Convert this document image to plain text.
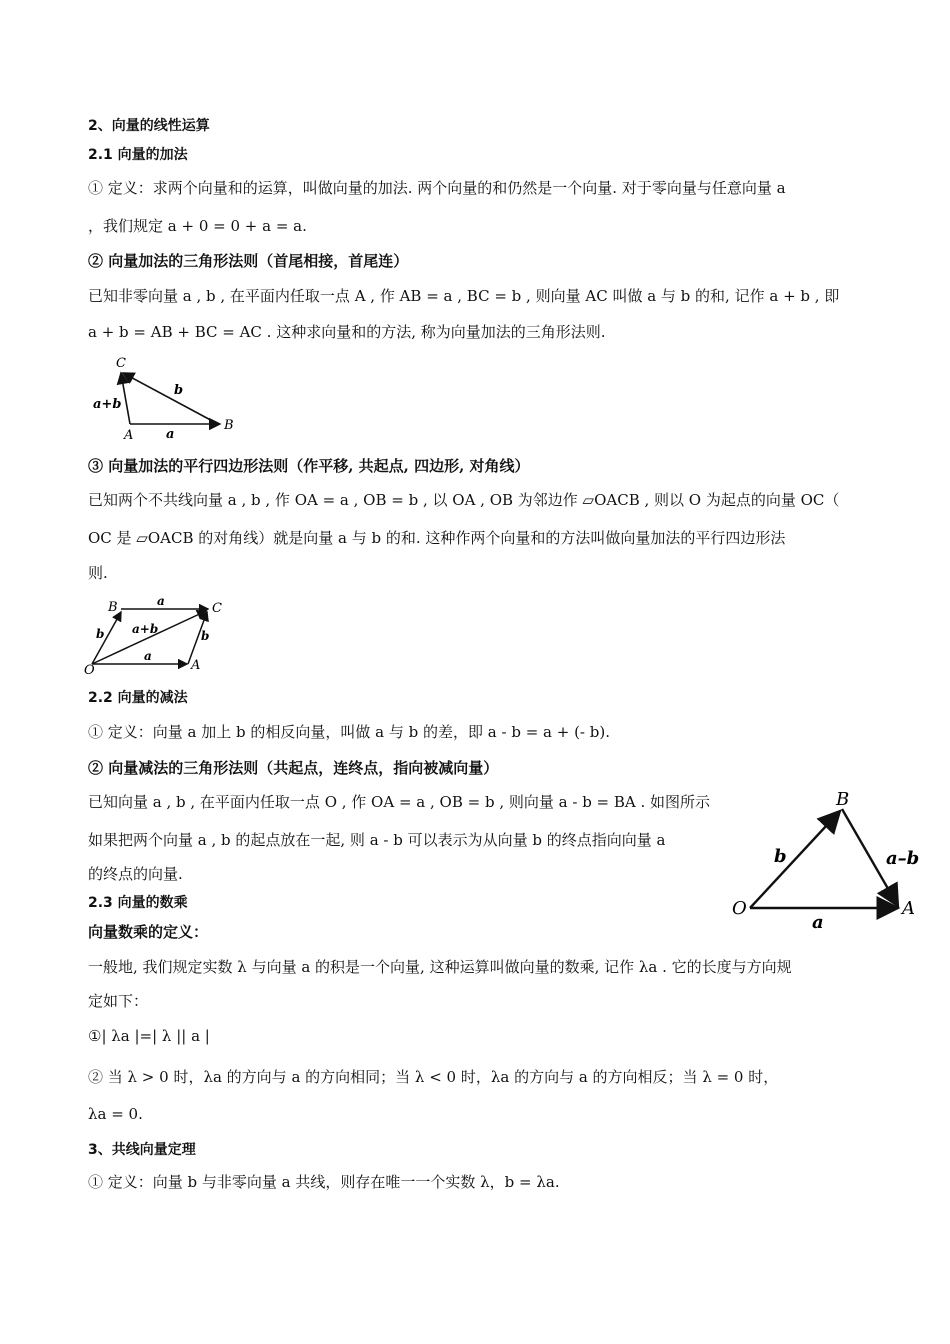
2、向量的线性运算
2.1 向量的加法
① 定义：求两个向量和的运算，叫做向量的加法. 两个向量的和仍然是一个向量. 对于零向量与任意向量 a
，我们规定 a + 0 = 0 + a = a.
② 向量加法的三角形法则（首尾相接，首尾连）
已知非零向量 a , b , 在平面内任取一点 A , 作 AB = a , BC = b , 则向量 AC 叫做 a 与 b 的和, 记作 a + b , 即
a + b = AB + BC = AC . 这种求向量和的方法, 称为向量加法的三角形法则.
C
A
B
a
b
a+b
③ 向量加法的平行四边形法则（作平移, 共起点, 四边形, 对角线）
已知两个不共线向量 a , b , 作 OA = a , OB = b , 以 OA , OB 为邻边作 ▱OACB , 则以 O 为起点的向量 OC（
OC 是 ▱OACB 的对角线）就是向量 a 与 b 的和. 这种作两个向量和的方法叫做向量加法的平行四边形法
则.
O	A
B	C
a
a
b	b
a+b
2.2 向量的减法
① 定义：向量 a 加上 b 的相反向量，叫做 a 与 b 的差，即 a - b = a + (- b).
② 向量减法的三角形法则（共起点，连终点，指向被减向量）
已知向量 a , b , 在平面内任取一点 O , 作 OA = a , OB = b , 则向量 a - b = BA . 如图所示
如果把两个向量 a , b 的起点放在一起, 则 a - b 可以表示为从向量 b 的终点指向向量 a
的终点的向量.
O	A
B
a
b	a–b
2.3 向量的数乘
向量数乘的定义：
一般地, 我们规定实数 λ 与向量 a 的积是一个向量, 这种运算叫做向量的数乘, 记作 λa . 它的长度与方向规
定如下：
①| λa |=| λ || a |
② 当 λ > 0 时，λa 的方向与 a 的方向相同；当 λ < 0 时，λa 的方向与 a 的方向相反；当 λ = 0 时，
λa = 0.
3、共线向量定理
① 定义：向量 b 与非零向量 a 共线，则存在唯一一个实数 λ，b = λa.
